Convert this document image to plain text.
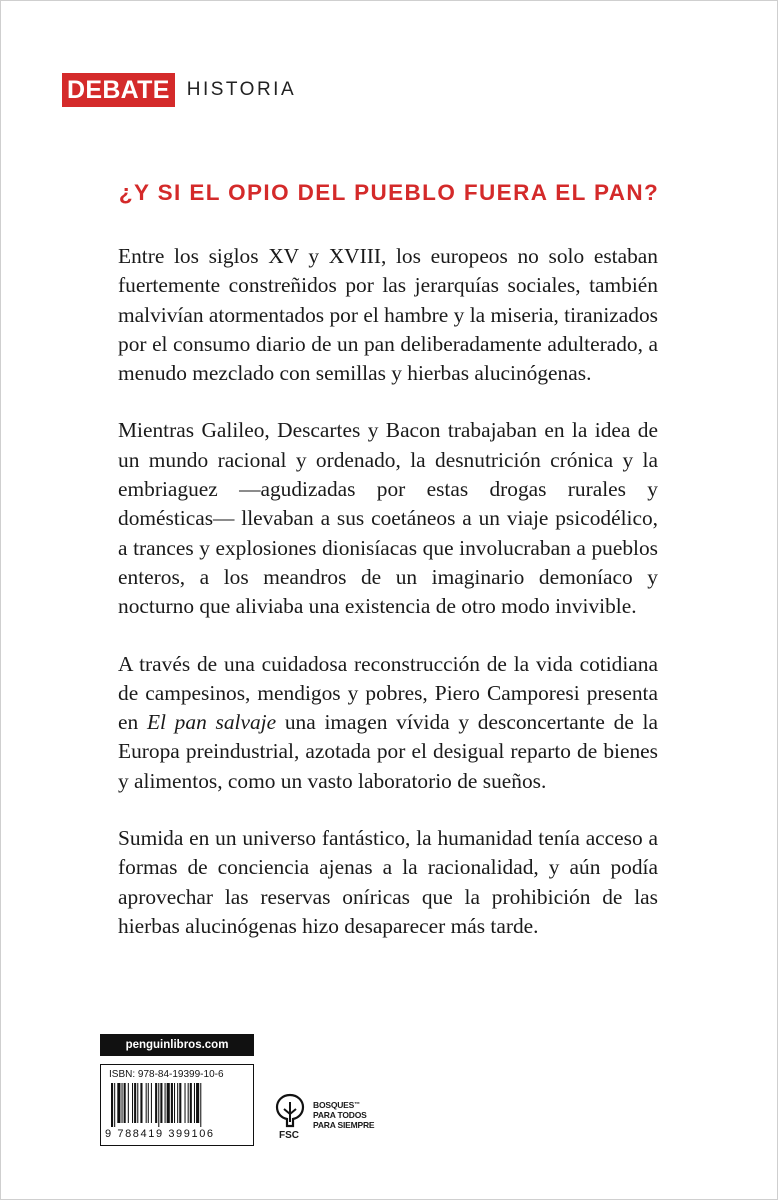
DEBATE HISTORIA
¿Y SI EL OPIO DEL PUEBLO FUERA EL PAN?

Entre los siglos XV y XVIII, los europeos no solo estaban fuertemente constreñidos por las jerarquías sociales, también malvivían atormentados por el hambre y la miseria, tiranizados por el consumo diario de un pan deliberadamente adulterado, a menudo mezclado con semillas y hierbas alucinógenas.

Mientras Galileo, Descartes y Bacon trabajaban en la idea de un mundo racional y ordenado, la desnutrición crónica y la embriaguez —agudizadas por estas drogas rurales y domésticas— llevaban a sus coetáneos a un viaje psicodélico, a trances y explosiones dionisíacas que involucraban a pueblos enteros, a los meandros de un imaginario demoníaco y nocturno que aliviaba una existencia de otro modo invivible.

A través de una cuidadosa reconstrucción de la vida cotidiana de campesinos, mendigos y pobres, Piero Camporesi presenta en El pan salvaje una imagen vívida y desconcertante de la Europa preindustrial, azotada por el desigual reparto de bienes y alimentos, como un vasto laboratorio de sueños.

Sumida en un universo fantástico, la humanidad tenía acceso a formas de conciencia ajenas a la racionalidad, y aún podía aprovechar las reservas oníricas que la prohibición de las hierbas alucinógenas hizo desaparecer más tarde.

penguinlibros.com
ISBN: 978-84-19399-10-6
9 788419 399106	FSC
BOSQUES™
PARA TODOS
PARA SIEMPRE
